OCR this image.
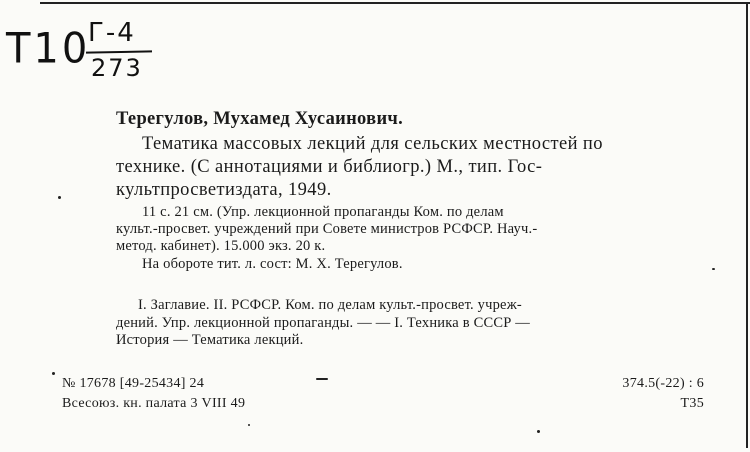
T10
Г-4
273

Терегулов, Мухамед Хусаинович.

Тематика массовых лекций для сельских местностей по

технике. (С аннотациями и библиогр.) М., тип. Гос-

культпросветиздата, 1949.

11 с. 21 см. (Упр. лекционной пропаганды Ком. по делам

культ.-просвет. учреждений при Совете министров РСФСР. Науч.-

метод. кабинет). 15.000 экз. 20 к.

На обороте тит. л. сост: М. Х. Терегулов.

I. Заглавие. II. РСФСР. Ком. по делам культ.-просвет. учреж-

дений. Упр. лекционной пропаганды. — — I. Техника в СССР —

История — Тематика лекций.

№ 17678 [49-25434] 24

Всесоюз. кн. палата 3 VIII 49

374.5(-22) : 6

Т35
